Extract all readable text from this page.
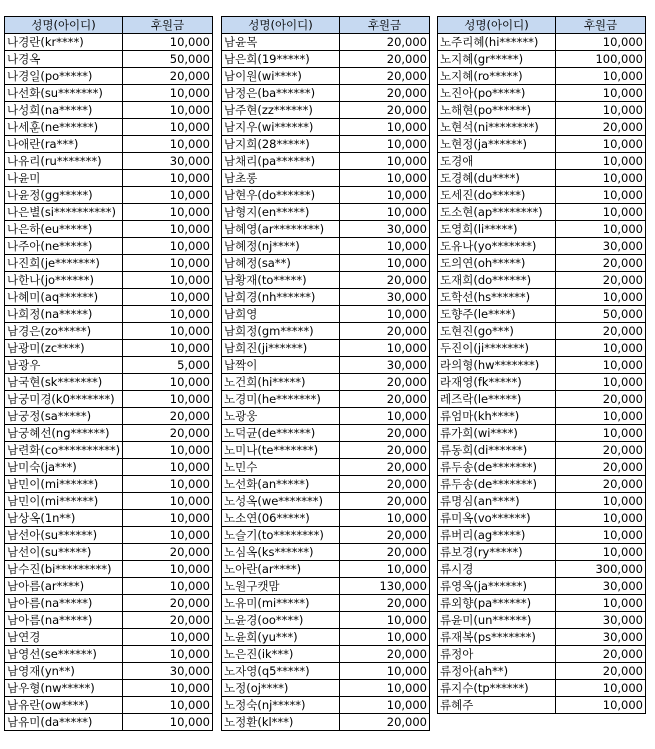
성명(아이디)	후원금
나경란(kr****)	10,000
나경옥	50,000
나경일(po*****)	20,000
나선화(su*******)	10,000
나성희(na*****)	10,000
나세훈(ne******)	10,000
나애란(ra***)	10,000
나유리(ru*******)	30,000
나윤미	10,000
나윤정(gg*****)	10,000
나은별(si**********)	10,000
나은하(eu*****)	10,000
나주아(ne*****)	10,000
나진희(je*******)	10,000
나한나(jo******)	10,000
나혜미(aq******)	10,000
나희정(na*****)	10,000
남경은(zo*****)	10,000
남광미(zc****)	10,000
남광우	5,000
남국현(sk*******)	10,000
남궁미경(k0*******)	10,000
남궁정(sa*****)	20,000
남궁혜선(ng******)	20,000
남련화(co**********)	10,000
남미숙(ja***)	10,000
남민이(mi******)	10,000
남민이(mi******)	10,000
남상옥(1n**)	10,000
남선아(su******)	10,000
남선이(su*****)	20,000
남수진(bi*********)	10,000
남아름(ar****)	10,000
남아름(na*****)	20,000
남아름(na*****)	20,000
남연경	10,000
남영선(se******)	10,000
남영재(yn**)	30,000
남우형(nw*****)	10,000
남유란(ow****)	10,000
남유미(da*****)	10,000
성명(아이디)	후원금
남윤목	20,000
남은희(19*****)	20,000
남이원(wi****)	20,000
남정은(ba******)	20,000
남주현(zz******)	20,000
남지우(wi******)	10,000
남지희(28*****)	10,000
남채리(pa******)	10,000
남초롱	10,000
남현우(do******)	10,000
남형지(en*****)	10,000
남혜영(ar********)	30,000
남혜정(nj****)	10,000
남혜정(sa**)	10,000
남황재(to*****)	20,000
남희경(nh******)	30,000
남희영	10,000
남희정(gm*****)	20,000
남희진(ji******)	10,000
납짝이	30,000
노건희(hi*****)	20,000
노경미(he*******)	20,000
노광웅	10,000
노덕균(de******)	20,000
노미나(te*******)	20,000
노민수	20,000
노선화(an*****)	20,000
노성옥(we*******)	20,000
노소연(06*****)	10,000
노슬기(to********)	20,000
노심옥(ks******)	20,000
노아란(ar****)	10,000
노원구캣맘	130,000
노유미(mi*****)	20,000
노윤경(oo****)	10,000
노윤희(yu***)	10,000
노은진(ik***)	20,000
노자영(q5*****)	10,000
노정(oj****)	10,000
노정숙(nj*****)	10,000
노정환(kl***)	20,000
성명(아이디)	후원금
노주리혜(hi******)	10,000
노지혜(gr*****)	100,000
노지혜(ro*****)	10,000
노진아(po*****)	10,000
노해현(po******)	10,000
노현석(ni********)	20,000
노현정(ja******)	10,000
도경애	10,000
도경혜(du****)	10,000
도세진(do*****)	10,000
도소현(ap********)	10,000
도영희(li*****)	10,000
도유나(yo*******)	30,000
도의연(oh*****)	20,000
도재희(do******)	20,000
도학선(hs******)	10,000
도향주(le****)	50,000
도현진(go***)	20,000
두진이(ji*******)	10,000
라의형(hw*******)	10,000
라재영(fk*****)	10,000
레즈락(le*****)	20,000
류엄마(kh****)	10,000
류가희(wi****)	10,000
류동희(di******)	20,000
류두송(de*******)	20,000
류두송(de*******)	20,000
류명심(an****)	10,000
류미옥(vo******)	10,000
류버리(ag*****)	10,000
류보경(ry*****)	10,000
류시경	300,000
류영옥(ja******)	30,000
류외향(pa******)	10,000
류윤미(un******)	30,000
류재복(ps*******)	30,000
류정아	20,000
류정아(ah**)	20,000
류지수(tp******)	10,000
류혜주	10,000
